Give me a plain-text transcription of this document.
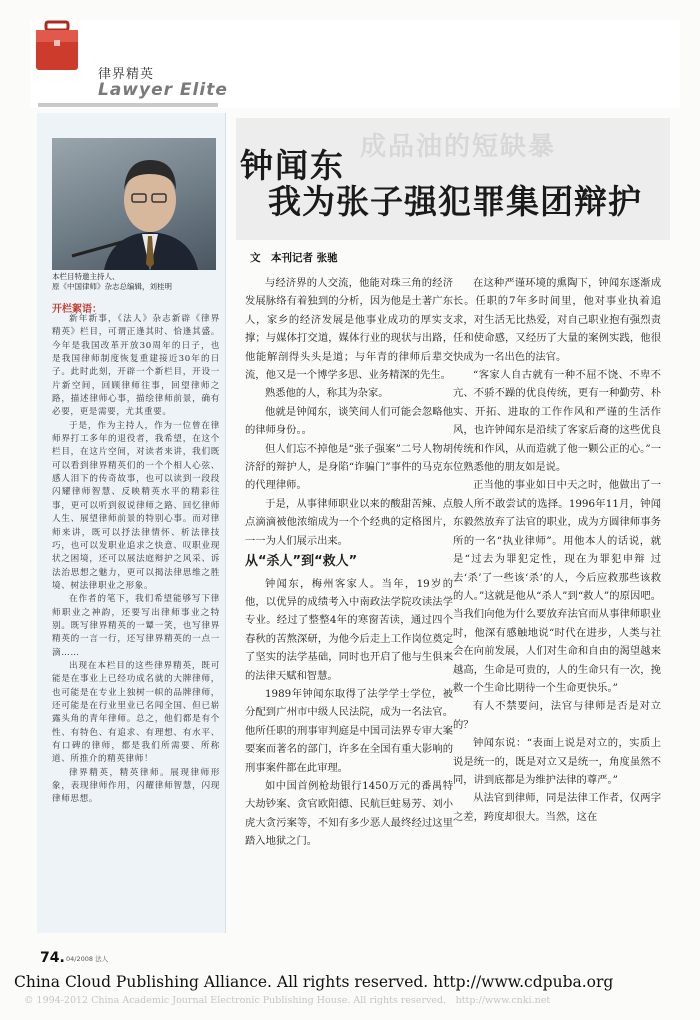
律界精英
Lawyer Elite
本栏目特邀主持人、
原《中国律师》杂志总编辑，刘桂明
开栏絮语：

新年新事，《法人》杂志新辟《律界精英》栏目，可谓正逢其时、恰逢其盛。今年是我国改革开放30周年的日子，也是我国律师制度恢复重建接近30年的日子。此时此刻，开辟一个新栏目，开设一片新空间，回顾律师往事，回望律师之路，描述律师心事，描绘律师前景，确有必要，更是需要，尤其重要。

于是，作为主持人，作为一位曾在律师界打工多年的退役者，我希望，在这个栏目，在这片空间，对读者来讲，我们既可以看到律界精英们的一个个相人心弦、感人泪下的传奇故事，也可以读到一段段闪耀律师智慧、反映精英水平的精彩往事，更可以听到叙说律师之路、回忆律师人生、展望律师前景的特别心事。而对律师来讲，既可以抒法律情怀、析法律技巧，也可以发职业追求之快意、叹职业现状之困境，还可以展法庭辩护之风采、诉法治思想之魅力，更可以揭法律思维之胜境、树法律职业之形象。

在作者的笔下，我们希望能够写下律师职业之神韵，还要写出律师事业之特别。既写律界精英的一颦一笑，也写律界精英的一言一行，还写律界精英的一点一滴……

出现在本栏目的这些律界精英，既可能是在事业上已经功成名就的大牌律师，也可能是在专业上独树一帜的品牌律师，还可能是在行业里业已名闻全国、但已崭露头角的青年律师。总之，他们都是有个性、有特色、有追求、有理想、有水平、有口碑的律师，都是我们所需要、所称道、所推介的精英律师！

律界精英，精英律师。展现律师形象，表现律师作用，闪耀律师智慧，闪现律师思想。

成品油的短缺暴
钟闻东
我为张子强犯罪集团辩护
文　本刊记者 张驰

与经济界的人交流，他能对珠三角的经济发展脉络有着独到的分析，因为他是土著广东人，家乡的经济发展是他事业成功的厚实支撑；与媒体打交道，媒体行业的现状与出路，他能解剖得头头是道；与年青的律师后辈交流，他又是一个博学多思、业务精深的先生。

熟悉他的人，称其为杂家。

他就是钟闻东，谈笑间人们可能会忽略他的律师身份。。

但人们忘不掉他是“张子强案”二号人物胡济舒的辩护人，是身陷“诈骗门”事件的马克东的代理律师。

于是，从事律师职业以来的酸甜苦辣、点点滴滴被他浓缩成为一个个经典的定格图片，一一为人们展示出来。

从“杀人”到“救人”

钟闻东，梅州客家人。当年，19岁的他，以优异的成绩考入中南政法学院攻读法学专业。经过了整整4年的寒窗苦读，通过四个春秋的苦熬深研，为他今后走上工作岗位奠定了坚实的法学基础，同时也开启了他与生俱来的法律天赋和智慧。

1989年钟闻东取得了法学学士学位，被分配到广州市中级人民法院，成为一名法官。他所任职的刑事审判庭是中国司法界专审大案要案而著名的部门，许多在全国有重大影响的刑事案件都在此审理。

如中国首例枪劫银行1450万元的番禺特大劫钞案、贪官欧阳德、民航巨蛀易芳、刘小虎大贪污案等，不知有多少恶人最终经过这里踏入地狱之门。

在这种严谨环境的熏陶下，钟闻东逐渐成长。任职的7年多时间里，他对事业执着追求，对生活无比热爱，对自己职业抱有强烈责任和使命感，又经历了大量的案例实践，他很快成为一名出色的法官。

“客家人自古就有一种不屈不饶、不卑不亢、不骄不躁的优良传统，更有一种勤劳、朴实、开拓、进取的工作作风和严谨的生活作风，也许钟闻东是沿续了客家后裔的这些优良传统和作风，从而造就了他一颗公正的心。”一位熟悉他的朋友如是说。

正当他的事业如日中天之时，他做出了一般人所不敢尝试的选择。1996年11月，钟闻东毅然放弃了法官的职业，成为方圆律师事务所的一名“执业律师”。用他本人的话说，就是“过去为罪犯定性，现在为罪犯申辩 过去‘杀’了一些该‘杀’的人，今后应救那些该救的人。”这就是他从“杀人”到“救人”的原因吧。当我们向他为什么要放弃法官而从事律师职业时，他深有感触地说“时代在进步，人类与社会在向前发展，人们对生命和自由的渴望越来越高，生命是可贵的，人的生命只有一次，挽救一个生命比期待一个生命更快乐。”

有人不禁要问，法官与律师是否是对立的？

钟闻东说：“表面上说是对立的，实质上说是统一的，既是对立又是统一，角度虽然不同，讲到底都是为维护法律的尊严。”

从法官到律师，同是法律工作者，仅两字之差，跨度却很大。当然，这在

74. 04/2008 法人
China Cloud Publishing Alliance. All rights reserved. http://www.cdpuba.org
© 1994-2012 China Academic Journal Electronic Publishing House. All rights reserved.　http://www.cnki.net
